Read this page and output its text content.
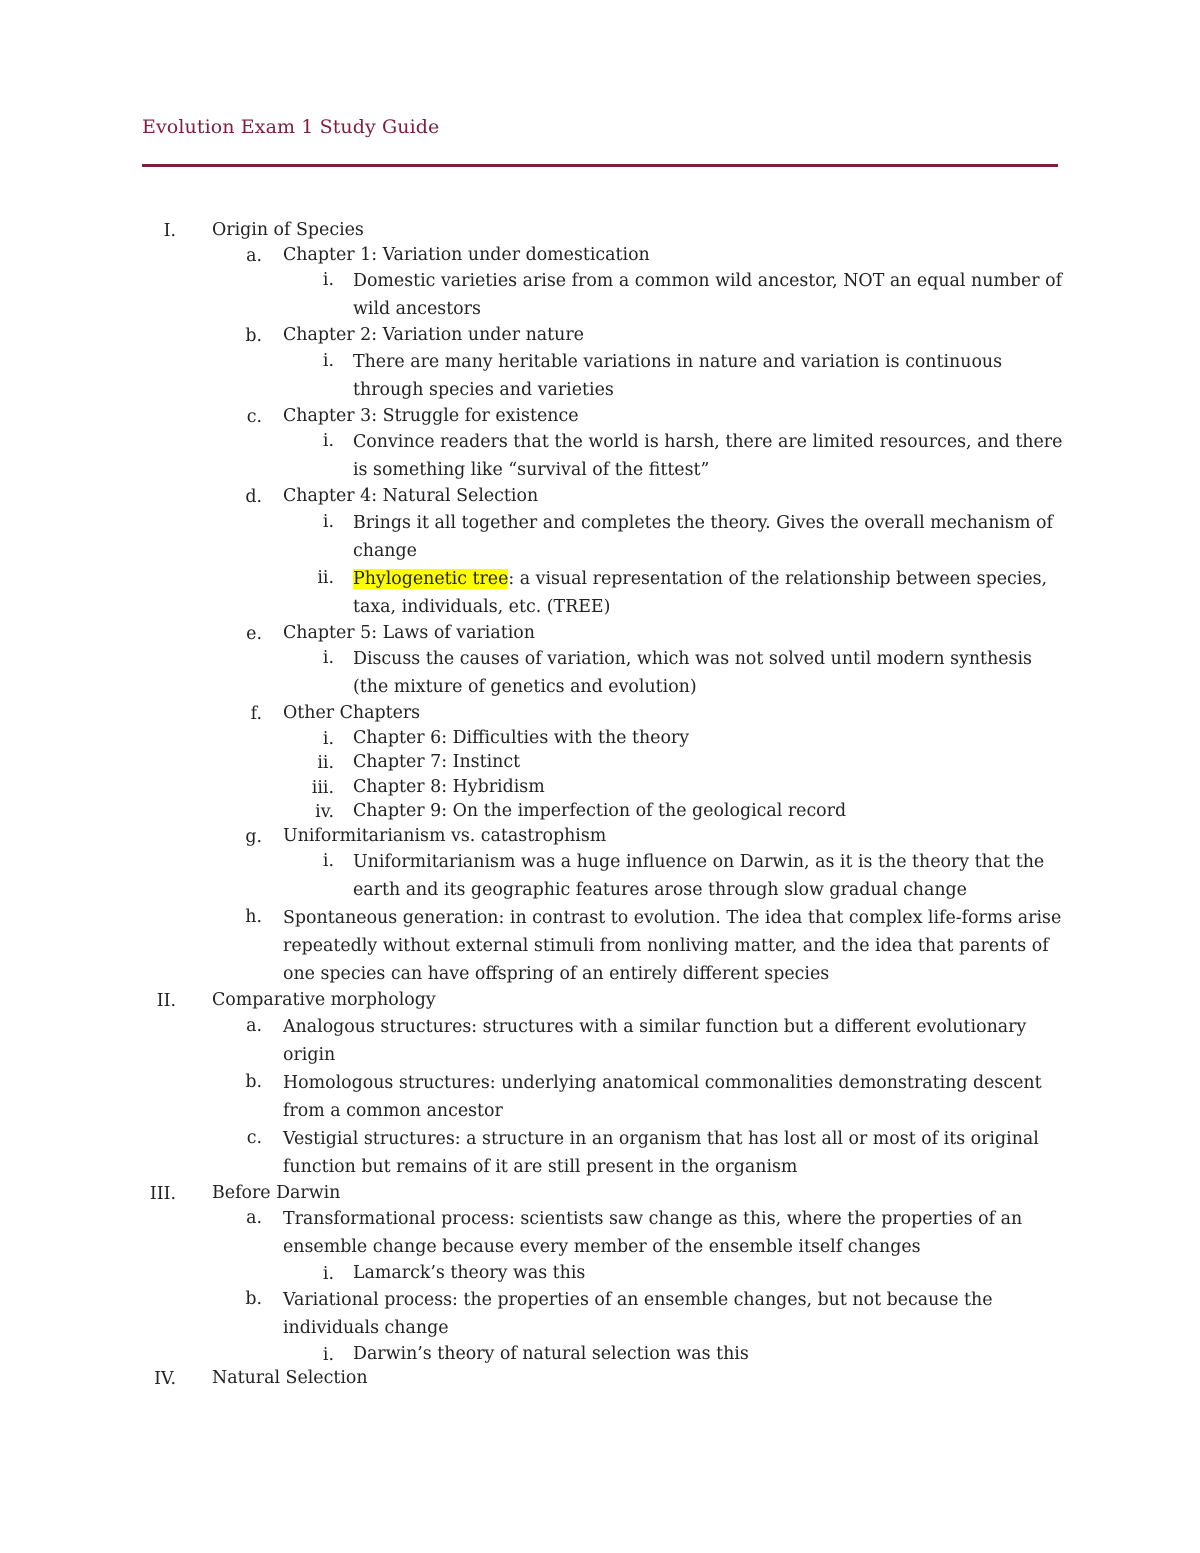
Evolution Exam 1 Study Guide
I. Origin of Species
a. Chapter 1: Variation under domestication
i. Domestic varieties arise from a common wild ancestor, NOT an equal number of wild ancestors
b. Chapter 2: Variation under nature
i. There are many heritable variations in nature and variation is continuous through species and varieties
c. Chapter 3: Struggle for existence
i. Convince readers that the world is harsh, there are limited resources, and there is something like “survival of the fittest”
d. Chapter 4: Natural Selection
i. Brings it all together and completes the theory. Gives the overall mechanism of change
ii. Phylogenetic tree: a visual representation of the relationship between species, taxa, individuals, etc. (TREE)
e. Chapter 5: Laws of variation
i. Discuss the causes of variation, which was not solved until modern synthesis (the mixture of genetics and evolution)
f. Other Chapters
i. Chapter 6: Difficulties with the theory
ii. Chapter 7: Instinct
iii. Chapter 8: Hybridism
iv. Chapter 9: On the imperfection of the geological record
g. Uniformitarianism vs. catastrophism
i. Uniformitarianism was a huge influence on Darwin, as it is the theory that the earth and its geographic features arose through slow gradual change
h. Spontaneous generation: in contrast to evolution. The idea that complex life-forms arise repeatedly without external stimuli from nonliving matter, and the idea that parents of one species can have offspring of an entirely different species
II. Comparative morphology
a. Analogous structures: structures with a similar function but a different evolutionary origin
b. Homologous structures: underlying anatomical commonalities demonstrating descent from a common ancestor
c. Vestigial structures: a structure in an organism that has lost all or most of its original function but remains of it are still present in the organism
III. Before Darwin
a. Transformational process: scientists saw change as this, where the properties of an ensemble change because every member of the ensemble itself changes
i. Lamarck’s theory was this
b. Variational process: the properties of an ensemble changes, but not because the individuals change
i. Darwin’s theory of natural selection was this
IV. Natural Selection
